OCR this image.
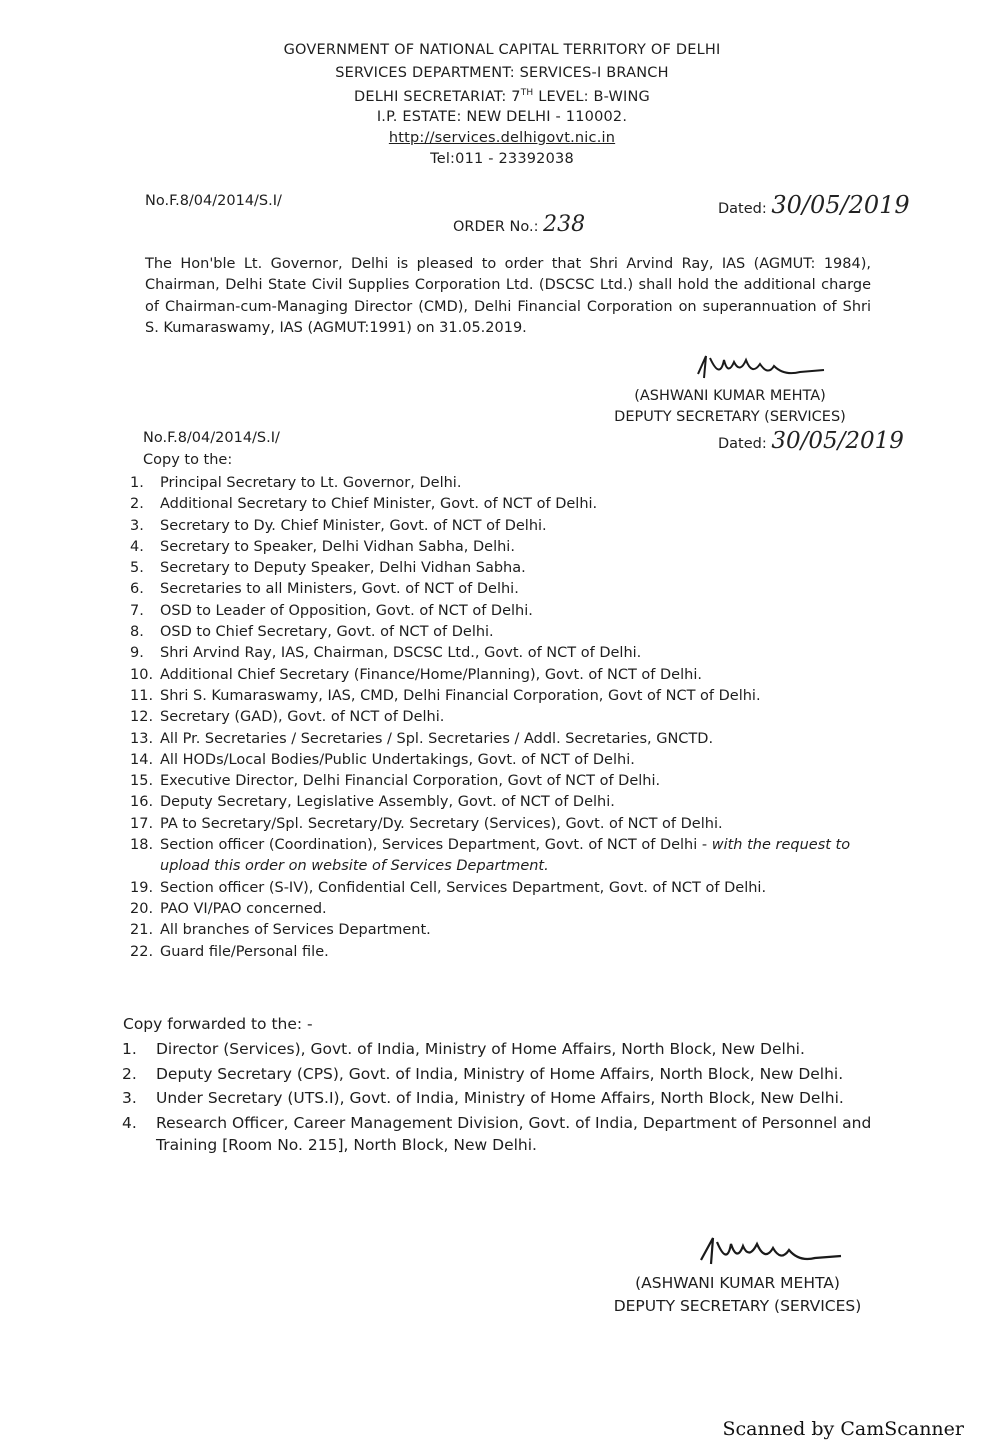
GOVERNMENT OF NATIONAL CAPITAL TERRITORY OF DELHI
SERVICES DEPARTMENT: SERVICES-I BRANCH
DELHI SECRETARIAT: 7TH LEVEL: B-WING
I.P. ESTATE: NEW DELHI - 110002.
http://services.delhigovt.nic.in
Tel:011 - 23392038
No.F.8/04/2014/S.I/	Dated: 30/05/2019
ORDER No.: 238
The Hon'ble Lt. Governor, Delhi is pleased to order that Shri Arvind Ray, IAS (AGMUT: 1984), Chairman, Delhi State Civil Supplies Corporation Ltd. (DSCSC Ltd.) shall hold the additional charge of Chairman-cum-Managing Director (CMD), Delhi Financial Corporation on superannuation of Shri S. Kumaraswamy, IAS (AGMUT:1991) on 31.05.2019.
(ASHWANI KUMAR MEHTA)
DEPUTY SECRETARY (SERVICES)
No.F.8/04/2014/S.I/	Dated: 30/05/2019
Copy to the:
1.	Principal Secretary to Lt. Governor, Delhi.
2.	Additional Secretary to Chief Minister, Govt. of NCT of Delhi.
3.	Secretary to Dy. Chief Minister, Govt. of NCT of Delhi.
4.	Secretary to Speaker, Delhi Vidhan Sabha, Delhi.
5.	Secretary to Deputy Speaker, Delhi Vidhan Sabha.
6.	Secretaries to all Ministers, Govt. of NCT of Delhi.
7.	OSD to Leader of Opposition, Govt. of NCT of Delhi.
8.	OSD to Chief Secretary, Govt. of NCT of Delhi.
9.	Shri Arvind Ray, IAS, Chairman, DSCSC Ltd., Govt. of NCT of Delhi.
10. Additional Chief Secretary (Finance/Home/Planning), Govt. of NCT of Delhi.
11. Shri S. Kumaraswamy, IAS, CMD, Delhi Financial Corporation, Govt of NCT of Delhi.
12. Secretary (GAD), Govt. of NCT of Delhi.
13. All Pr. Secretaries / Secretaries / Spl. Secretaries / Addl. Secretaries, GNCTD.
14. All HODs/Local Bodies/Public Undertakings, Govt. of NCT of Delhi.
15. Executive Director, Delhi Financial Corporation, Govt of NCT of Delhi.
16. Deputy Secretary, Legislative Assembly, Govt. of NCT of Delhi.
17. PA to Secretary/Spl. Secretary/Dy. Secretary (Services), Govt. of NCT of Delhi.
18. Section officer (Coordination), Services Department, Govt. of NCT of Delhi - with the request to upload this order on website of Services Department.
19. Section officer (S-IV), Confidential Cell, Services Department, Govt. of NCT of Delhi.
20. PAO VI/PAO concerned.
21. All branches of Services Department.
22. Guard file/Personal file.
Copy forwarded to the: -
1.	Director (Services), Govt. of India, Ministry of Home Affairs, North Block, New Delhi.
2.	Deputy Secretary (CPS), Govt. of India, Ministry of Home Affairs, North Block, New Delhi.
3.	Under Secretary (UTS.I), Govt. of India, Ministry of Home Affairs, North Block, New Delhi.
4.	Research Officer, Career Management Division, Govt. of India, Department of Personnel and Training [Room No. 215], North Block, New Delhi.
(ASHWANI KUMAR MEHTA)
DEPUTY SECRETARY (SERVICES)
Scanned by CamScanner
